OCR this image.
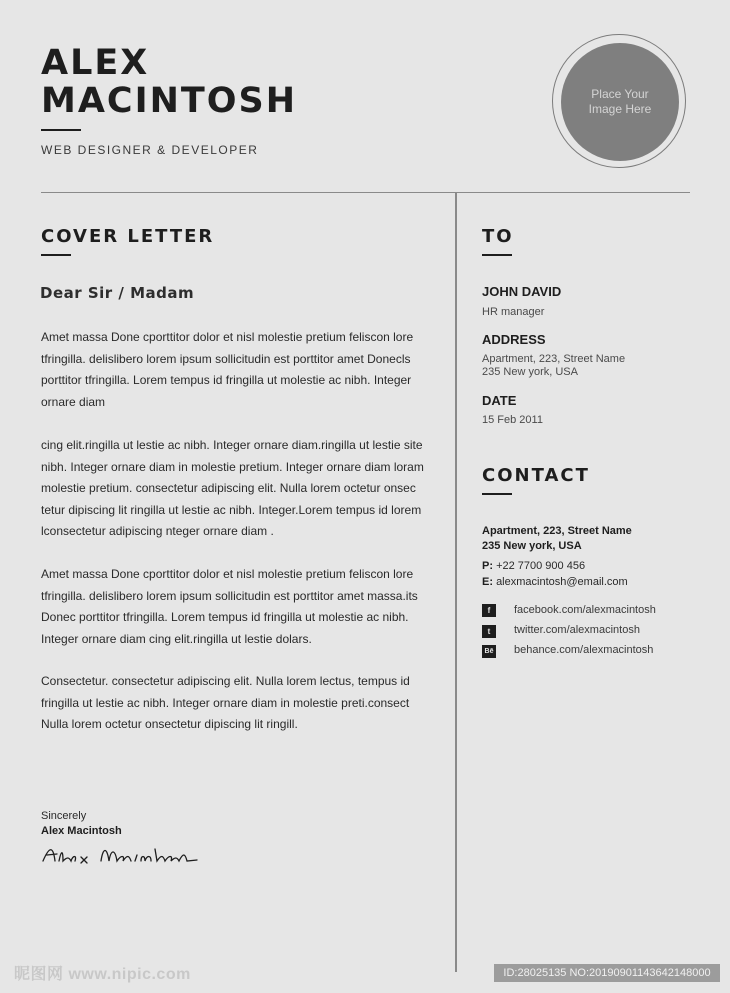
ALEX
MACINTOSH
WEB DESIGNER & DEVELOPER
Place Your Image Here
COVER LETTER
Dear Sir / Madam

Amet massa Done cporttitor dolor et nisl molestie pretium feliscon lore
tfringilla. delislibero lorem ipsum sollicitudin est porttitor amet Donecls
porttitor tfringilla. Lorem tempus id fringilla ut molestie ac nibh. Integer
ornare diam

cing elit.ringilla ut lestie ac nibh. Integer ornare diam.ringilla ut lestie site
nibh. Integer ornare diam in molestie pretium. Integer ornare diam loram
molestie pretium. consectetur adipiscing elit. Nulla lorem octetur onsec
tetur dipiscing lit ringilla ut lestie ac nibh. Integer.Lorem tempus id lorem
lconsectetur adipiscing nteger ornare diam .

Amet massa Done cporttitor dolor et nisl molestie pretium feliscon lore
tfringilla. delislibero lorem ipsum sollicitudin est porttitor amet massa.its
Donec porttitor tfringilla. Lorem tempus id fringilla ut molestie ac nibh.
Integer ornare diam cing elit.ringilla ut lestie dolars.

Consectetur. consectetur adipiscing elit. Nulla lorem lectus, tempus id
fringilla ut lestie ac nibh. Integer ornare diam in molestie preti.consect
Nulla lorem octetur onsectetur dipiscing lit ringill.

Sincerely
Alex Macintosh
TO
JOHN DAVID
HR manager
ADDRESS
Apartment, 223, Street Name
235 New york, USA
DATE
15 Feb 2011
CONTACT
Apartment, 223, Street Name
235 New york, USA
P: +22 7700 900 456
E: alexmacintosh@email.com
f	facebook.com/alexmacintosh
t	twitter.com/alexmacintosh
Bē behance.com/alexmacintosh
昵图网 www.nipic.com	ID:28025135 NO:20190901143642148000
